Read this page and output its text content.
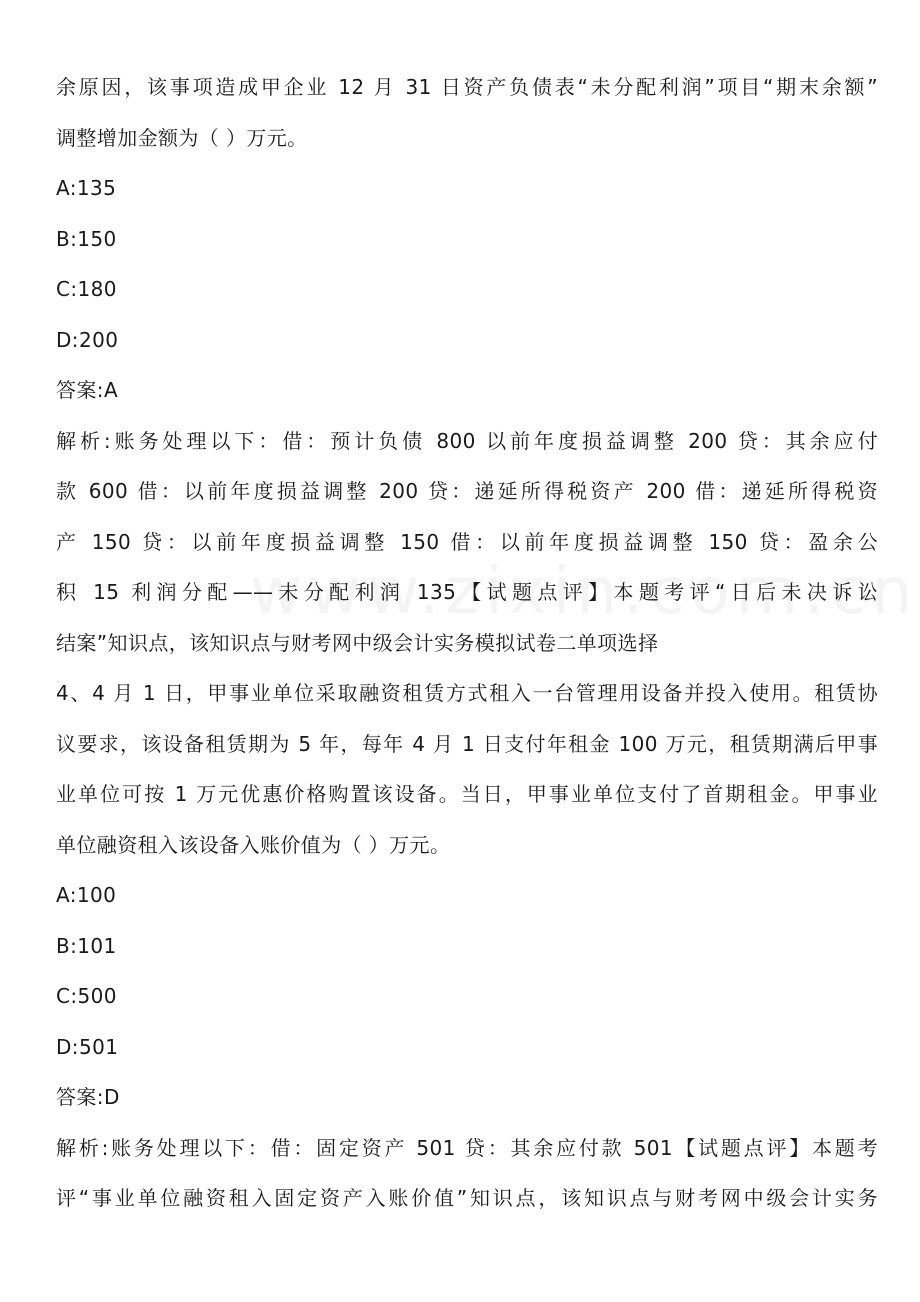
余原因，该事项造成甲企业 12 月 31 日资产负债表“未分配利润”项目“期末余额”
调整增加金额为（ ）万元。
A:135
B:150
C:180
D:200
答案:A
解析:账务处理以下：借：预计负债 800 以前年度损益调整 200 贷：其余应付
款 600 借：以前年度损益调整 200 贷：递延所得税资产 200 借：递延所得税资
产 150 贷：以前年度损益调整 150 借：以前年度损益调整 150 贷：盈余公
积 15 利润分配——未分配利润 135【试题点评】本题考评“日后未决诉讼
结案”知识点，该知识点与财考网中级会计实务模拟试卷二单项选择
4、4 月 1 日，甲事业单位采取融资租赁方式租入一台管理用设备并投入使用。租赁协
议要求，该设备租赁期为 5 年，每年 4 月 1 日支付年租金 100 万元，租赁期满后甲事
业单位可按 1 万元优惠价格购置该设备。当日，甲事业单位支付了首期租金。甲事业
单位融资租入该设备入账价值为（ ）万元。
A:100
B:101
C:500
D:501
答案:D
解析:账务处理以下：借：固定资产 501 贷：其余应付款 501【试题点评】本题考
评“事业单位融资租入固定资产入账价值”知识点，该知识点与财考网中级会计实务
